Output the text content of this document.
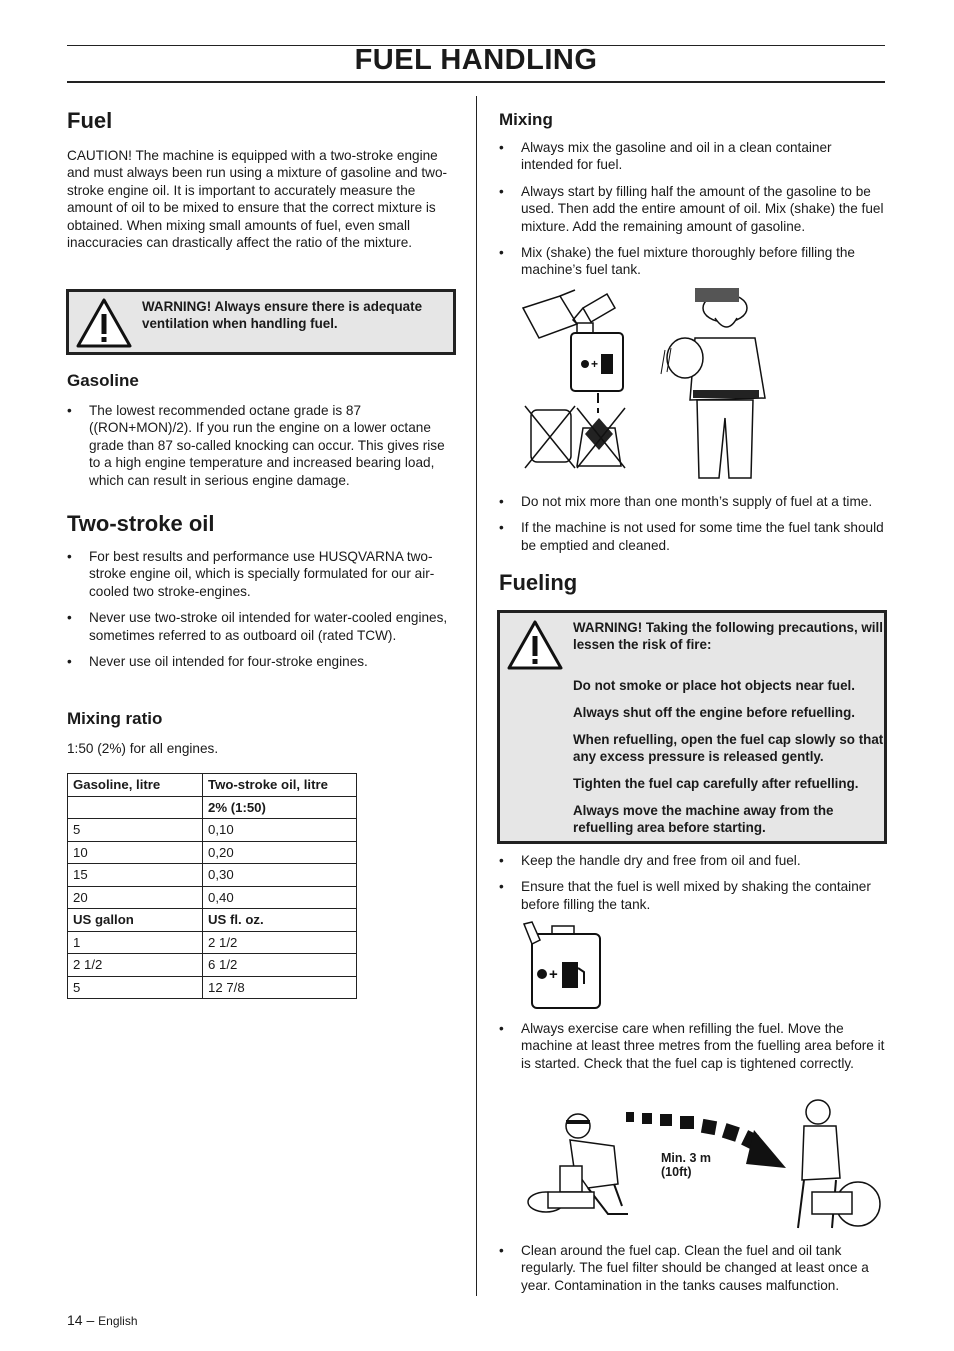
FUEL HANDLING
Fuel

CAUTION! The machine is equipped with a two-stroke engine and must always been run using a mixture of gasoline and two-stroke engine oil. It is important to accurately measure the amount of oil to be mixed to ensure that the correct mixture is obtained. When mixing small amounts of fuel, even small inaccuracies can drastically affect the ratio of the mixture.

WARNING! Always ensure there is adequate ventilation when handling fuel.
Gasoline
• The lowest recommended octane grade is 87 ((RON+MON)/2). If you run the engine on a lower octane grade than 87 so-called knocking can occur. This gives rise to a high engine temperature and increased bearing load, which can result in serious engine damage.
Two-stroke oil
• For best results and performance use HUSQVARNA two-stroke engine oil, which is specially formulated for our air-cooled two stroke-engines.
• Never use two-stroke oil intended for water-cooled engines, sometimes referred to as outboard oil (rated TCW).
• Never use oil intended for four-stroke engines.
Mixing ratio

1:50 (2%) for all engines.

Gasoline, litre	Two-stroke oil, litre
	2% (1:50)
5	0,10
10	0,20
15	0,30
20	0,40
US gallon	US fl. oz.
1	2 1/2
2 1/2	6 1/2
5	12 7/8
Mixing
• Always mix the gasoline and oil in a clean container intended for fuel.
• Always start by filling half the amount of the gasoline to be used. Then add the entire amount of oil. Mix (shake) the fuel mixture. Add the remaining amount of gasoline.
• Mix (shake) the fuel mixture thoroughly before filling the machine’s fuel tank.
+
• Do not mix more than one month’s supply of fuel at a time.
• If the machine is not used for some time the fuel tank should be emptied and cleaned.
Fueling
WARNING! Taking the following precautions, will lessen the risk of fire:
Do not smoke or place hot objects near fuel.
Always shut off the engine before refuelling.
When refuelling, open the fuel cap slowly so that any excess pressure is released gently.
Tighten the fuel cap carefully after refuelling.
Always move the machine away from the refuelling area before starting.
• Keep the handle dry and free from oil and fuel.
• Ensure that the fuel is well mixed by shaking the container before filling the tank.
+
• Always exercise care when refilling the fuel. Move the machine at least three metres from the fuelling area before it is started. Check that the fuel cap is tightened correctly.
Min. 3 m
(10ft)
• Clean around the fuel cap. Clean the fuel and oil tank regularly. The fuel filter should be changed at least once a year. Contamination in the tanks causes malfunction.
14 – English
